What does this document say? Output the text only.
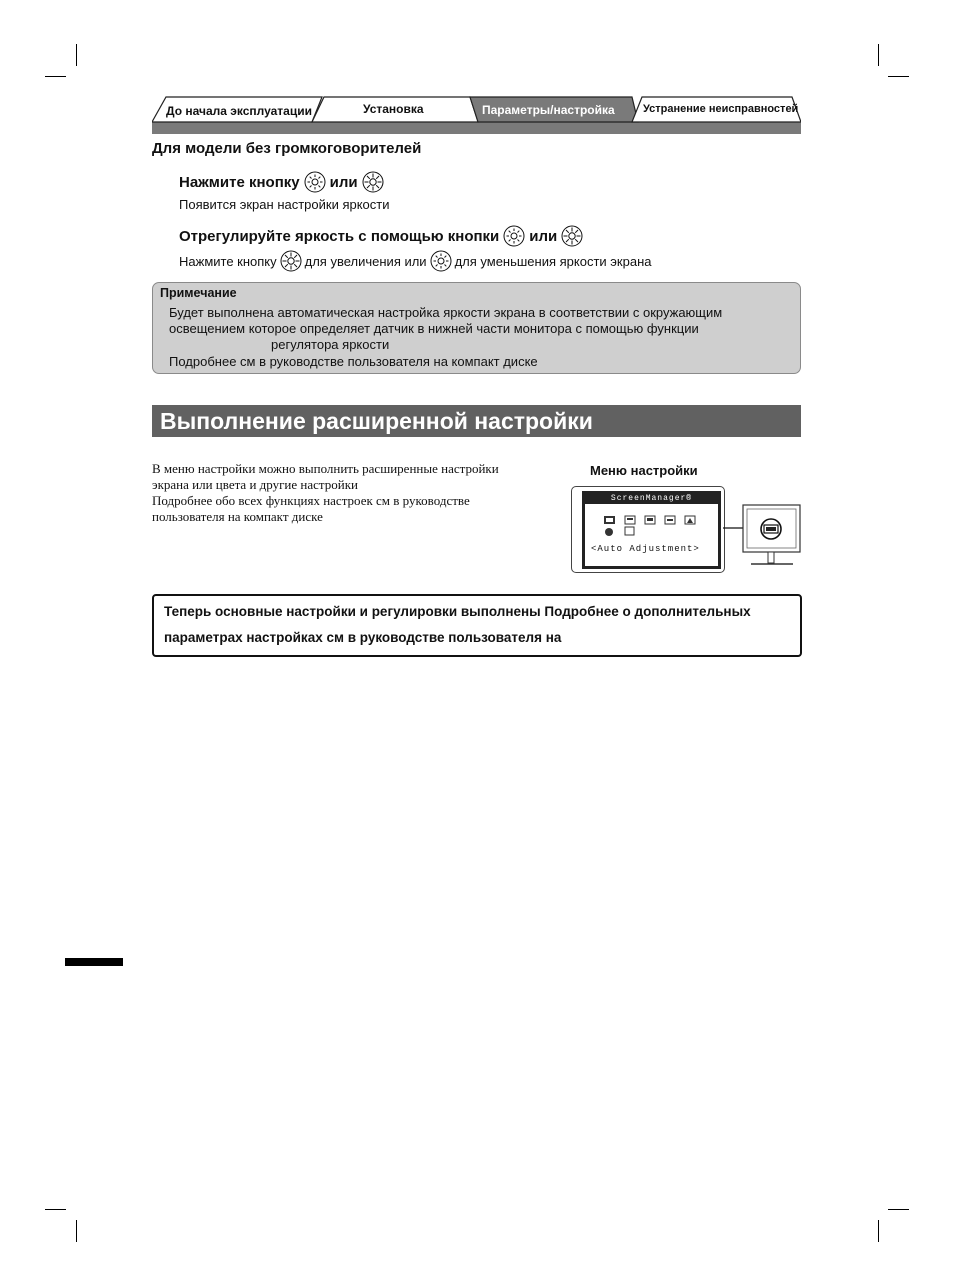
До начала эксплуатации	Установка	Параметры/настройка	Устранение неисправностей
Для модели без громкоговорителей
Нажмите кнопку или
Появится экран настройки яркости
Отрегулируйте яркость с помощью кнопки или
Нажмите кнопку для увеличения или для уменьшения яркости экрана
Примечание
Будет выполнена автоматическая настройка яркости экрана в соответствии с окружающим
освещением которое определяет датчик в нижней части монитора с помощью функции
регулятора яркости
Подробнее см в руководстве пользователя на компакт диске
Выполнение расширенной настройки
В меню настройки можно выполнить расширенные настройки
экрана или цвета и другие настройки
Подробнее обо всех функциях настроек см в руководстве
пользователя на компакт диске
Меню настройки
ScreenManager®
<Auto Adjustment>
Теперь основные настройки и регулировки выполнены Подробнее о дополнительных
параметрах настройках см в руководстве пользователя на
